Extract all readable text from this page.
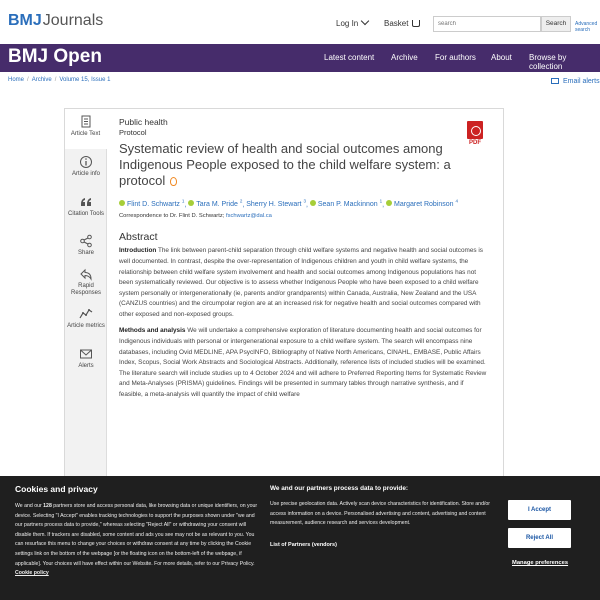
BMJJournals	Log In	Basket
search	Search	Advanced search
BMJ Open	Latest content Archive For authors About Browse by collection
Home / Archive / Volume 15, Issue 1	Email alerts
Article Text
Article info
Citation Tools
Share
Rapid Responses
Article metrics
Alerts
PDF
Public health
Protocol
Systematic review of health and social outcomes among Indigenous People exposed to the child welfare system: a protocol
Flint D. Schwartz $^1$, Tara M. Pride $^2$, Sherry H. Stewart $^3$, Sean P. Mackinnon $^1$, Margaret Robinson $^4$
Correspondence to Dr. Flint D. Schwartz; fschwartz@dal.ca
Abstract
Introduction The link between parent-child separation through child welfare systems and negative health and social outcomes is well documented. In contrast, despite the over-representation of Indigenous children and youth in child welfare systems, the relationship between child welfare system involvement and health and social outcomes among Indigenous populations has not been systematically reviewed. Our objective is to assess whether Indigenous People who have been exposed to a child welfare system personally or intergenerationally (ie, parents and/or grandparents) within Canada, Australia, New Zealand and the USA (CANZUS countries) and the circumpolar region are at an increased risk for negative health and social outcomes compared with other exposed and non-exposed groups.
Methods and analysis We will undertake a comprehensive exploration of literature documenting health and social outcomes for Indigenous individuals with personal or intergenerational exposure to a child welfare system. The search will encompass nine databases, including Ovid MEDLINE, APA PsycINFO, Bibliography of Native North Americans, CINAHL, EMBASE, Public Affairs Index, Scopus, Social Work Abstracts and Sociological Abstracts. Additionally, reference lists of included studies will be examined. The literature search will include studies up to 4 October 2024 and will adhere to Preferred Reporting Items for Systematic Review and Meta-Analyses (PRISMA) guidelines. Findings will be presented in summary tables through narrative synthesis, and if feasible, a meta-analysis will quantify the impact of child welfare
Cookies and privacy
We and our 128 partners store and access personal data, like browsing data or unique identifiers, on your device. Selecting "I Accept" enables tracking technologies to support the purposes shown under "we and our partners process data to provide," whereas selecting "Reject All" or withdrawing your consent will disable them. If trackers are disabled, some content and ads you see may not be as relevant to you. You can resurface this menu to change your choices or withdraw consent at any time by clicking the Cookie settings link on the bottom of the webpage [or the floating icon on the bottom-left of the webpage, if applicable]. Your choices will have effect within our Website. For more details, refer to our Privacy Policy. Cookie policy
We and our partners process data to provide:
Use precise geolocation data. Actively scan device characteristics for identification. Store and/or access information on a device. Personalised advertising and content, advertising and content measurement, audience research and services development.
List of Partners (vendors)
I Accept
Reject All
Manage preferences
